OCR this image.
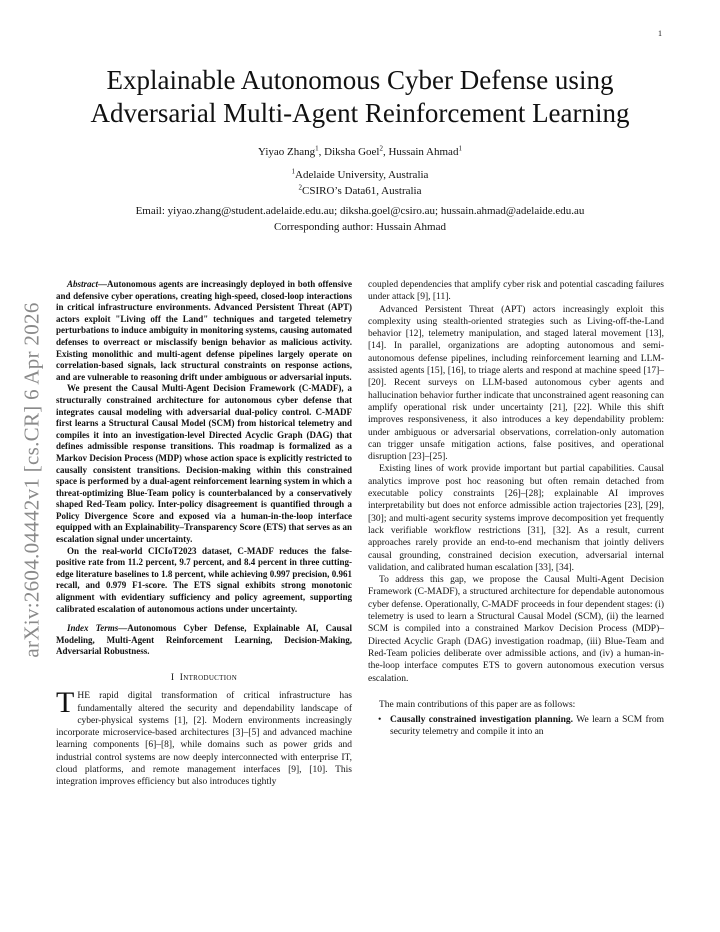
1
arXiv:2604.04442v1 [cs.CR] 6 Apr 2026
Explainable Autonomous Cyber Defense using
Adversarial Multi-Agent Reinforcement Learning
Yiyao Zhang$^1$, Diksha Goel$^2$, Hussain Ahmad$^1$
$^1$Adelaide University, Australia
$^2$CSIRO’s Data61, Australia
Email: yiyao.zhang@student.adelaide.edu.au; diksha.goel@csiro.au; hussain.ahmad@adelaide.edu.au
Corresponding author: Hussain Ahmad

Abstract—Autonomous agents are increasingly deployed in both offensive and defensive cyber operations, creating high-speed, closed-loop interactions in critical infrastructure environments. Advanced Persistent Threat (APT) actors exploit "Living off the Land" techniques and targeted telemetry perturbations to induce ambiguity in monitoring systems, causing automated defenses to overreact or misclassify benign behavior as malicious activity. Existing monolithic and multi-agent defense pipelines largely operate on correlation-based signals, lack structural constraints on response actions, and are vulnerable to reasoning drift under ambiguous or adversarial inputs.

We present the Causal Multi-Agent Decision Framework (C-MADF), a structurally constrained architecture for autonomous cyber defense that integrates causal modeling with adversarial dual-policy control. C-MADF first learns a Structural Causal Model (SCM) from historical telemetry and compiles it into an investigation-level Directed Acyclic Graph (DAG) that defines admissible response transitions. This roadmap is formalized as a Markov Decision Process (MDP) whose action space is explicitly restricted to causally consistent transitions. Decision-making within this constrained space is performed by a dual-agent reinforcement learning system in which a threat-optimizing Blue-Team policy is counterbalanced by a conservatively shaped Red-Team policy. Inter-policy disagreement is quantified through a Policy Divergence Score and exposed via a human-in-the-loop interface equipped with an Explainability–Transparency Score (ETS) that serves as an escalation signal under uncertainty.

On the real-world CICIoT2023 dataset, C-MADF reduces the false-positive rate from 11.2 percent, 9.7 percent, and 8.4 percent in three cutting-edge literature baselines to 1.8 percent, while achieving 0.997 precision, 0.961 recall, and 0.979 F1-score. The ETS signal exhibits strong monotonic alignment with evidentiary sufficiency and policy agreement, supporting calibrated escalation of autonomous actions under uncertainty.

Index Terms—Autonomous Cyber Defense, Explainable AI, Causal Modeling, Multi-Agent Reinforcement Learning, Decision-Making, Adversarial Robustness.

I Introduction

THE rapid digital transformation of critical infrastructure has fundamentally altered the security and dependability landscape of cyber-physical systems [1], [2]. Modern environments increasingly incorporate microservice-based architectures [3]–[5] and advanced machine learning components [6]–[8], while domains such as power grids and industrial control systems are now deeply interconnected with enterprise IT, cloud platforms, and remote management interfaces [9], [10]. This integration improves efficiency but also introduces tightly

coupled dependencies that amplify cyber risk and potential cascading failures under attack [9], [11].

Advanced Persistent Threat (APT) actors increasingly exploit this complexity using stealth-oriented strategies such as Living-off-the-Land behavior [12], telemetry manipulation, and staged lateral movement [13], [14]. In parallel, organizations are adopting autonomous and semi-autonomous defense pipelines, including reinforcement learning and LLM-assisted agents [15], [16], to triage alerts and respond at machine speed [17]–[20]. Recent surveys on LLM-based autonomous cyber agents and hallucination behavior further indicate that unconstrained agent reasoning can amplify operational risk under uncertainty [21], [22]. While this shift improves responsiveness, it also introduces a key dependability problem: under ambiguous or adversarial observations, correlation-only automation can trigger unsafe mitigation actions, false positives, and operational disruption [23]–[25].

Existing lines of work provide important but partial capabilities. Causal analytics improve post hoc reasoning but often remain detached from executable policy constraints [26]–[28]; explainable AI improves interpretability but does not enforce admissible action trajectories [23], [29], [30]; and multi-agent security systems improve decomposition yet frequently lack verifiable workflow restrictions [31], [32]. As a result, current approaches rarely provide an end-to-end mechanism that jointly delivers causal grounding, constrained decision execution, adversarial internal validation, and calibrated human escalation [33], [34].

To address this gap, we propose the Causal Multi-Agent Decision Framework (C-MADF), a structured architecture for dependable autonomous cyber defense. Operationally, C-MADF proceeds in four dependent stages: (i) telemetry is used to learn a Structural Causal Model (SCM), (ii) the learned SCM is compiled into a constrained Markov Decision Process (MDP)–Directed Acyclic Graph (DAG) investigation roadmap, (iii) Blue-Team and Red-Team policies deliberate over admissible actions, and (iv) a human-in-the-loop interface computes ETS to govern autonomous execution versus escalation.

The main contributions of this paper are as follows:

• Causally constrained investigation planning. We learn a SCM from security telemetry and compile it into an
